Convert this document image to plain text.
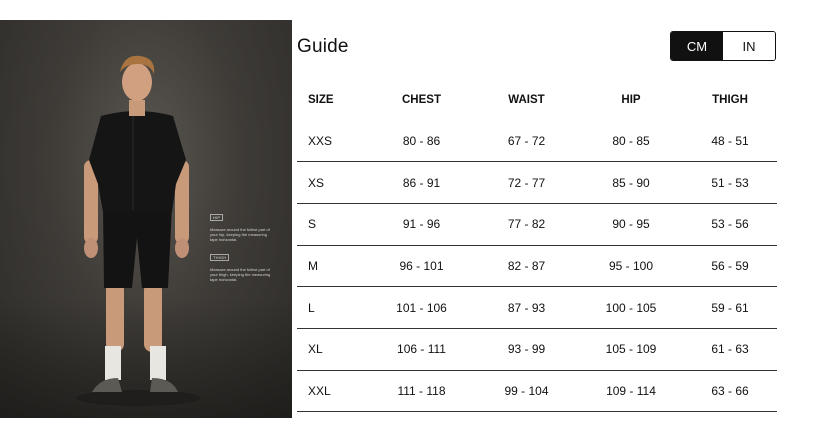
HIP
Measure around the fullest part of your hip, keeping the measuring tape horizontal.
THIGH
Measure around the fullest part of your thigh, keeping the measuring tape horizontal.
Guide	CM	IN
SIZE	CHEST	WAIST	HIP	THIGH
XXS	80 - 86	67 - 72	80 - 85	48 - 51
XS	86 - 91	72 - 77	85 - 90	51 - 53
S	91 - 96	77 - 82	90 - 95	53 - 56
M	96 - 101	82 - 87	95 - 100	56 - 59
L	101 - 106	87 - 93	100 - 105	59 - 61
XL	106 - 111	93 - 99	105 - 109	61 - 63
XXL	111 - 118	99 - 104	109 - 114	63 - 66
